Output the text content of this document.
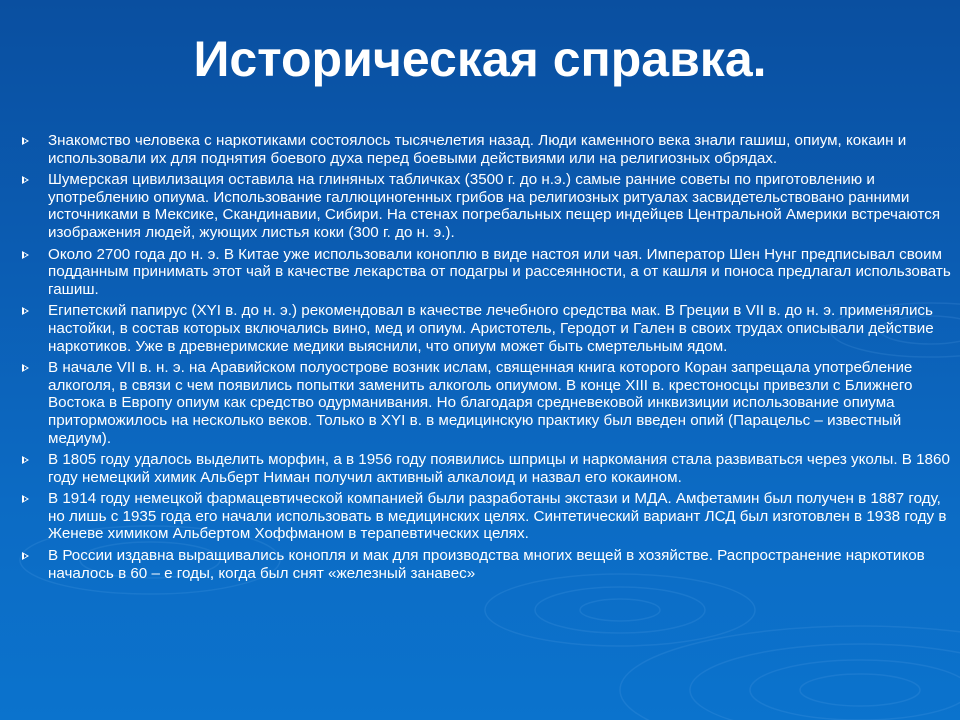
Историческая справка.
Знакомство человека с наркотиками состоялось тысячелетия назад. Люди каменного века знали гашиш, опиум, кокаин и использовали их для поднятия боевого духа перед боевыми действиями или на религиозных обрядах.
Шумерская цивилизация оставила на глиняных табличках (3500 г. до н.э.) самые ранние советы по приготовлению и употреблению опиума. Использование галлюциногенных грибов на религиозных ритуалах засвидетельствовано ранними источниками в Мексике, Скандинавии, Сибири. На стенах погребальных пещер индейцев Центральной Америки встречаются изображения людей, жующих листья коки (300 г. до н. э.).
Около 2700 года до н. э. В Китае уже использовали коноплю в виде настоя или чая. Император Шен Нунг предписывал своим подданным принимать этот чай в качестве лекарства от подагры и рассеянности, а от кашля и поноса предлагал использовать гашиш.
Египетский папирус (XYI в. до н. э.) рекомендовал в качестве лечебного средства мак. В Греции в VII в. до н. э. применялись настойки, в состав которых включались вино, мед и опиум. Аристотель, Геродот и Гален в своих трудах описывали действие наркотиков. Уже в древнеримские медики выяснили, что опиум может быть смертельным ядом.
В начале VII в. н. э. на Аравийском полуострове возник ислам, священная книга которого Коран запрещала употребление алкоголя, в связи с чем появились попытки заменить алкоголь опиумом. В конце XIII в. крестоносцы привезли с Ближнего Востока в Европу опиум как средство одурманивания. Но благодаря средневековой инквизиции использование опиума приторможилось на несколько веков. Только в XYI в. в медицинскую практику был введен опий (Парацельс – известный медиум).
В 1805 году удалось выделить морфин, а в 1956 году появились шприцы и наркомания стала развиваться через уколы. В 1860 году немецкий химик Альберт Ниман получил активный алкалоид и назвал его кокаином.
В 1914 году немецкой фармацевтической компанией были разработаны экстази и МДА. Амфетамин был получен в 1887 году, но лишь с 1935 года его начали использовать в медицинских целях. Синтетический вариант ЛСД был изготовлен в 1938 году в Женеве химиком Альбертом Хоффманом в терапевтических целях.
В России издавна выращивались конопля и мак для производства многих вещей в хозяйстве. Распространение наркотиков началось в 60 – е годы, когда был снят «железный занавес»
